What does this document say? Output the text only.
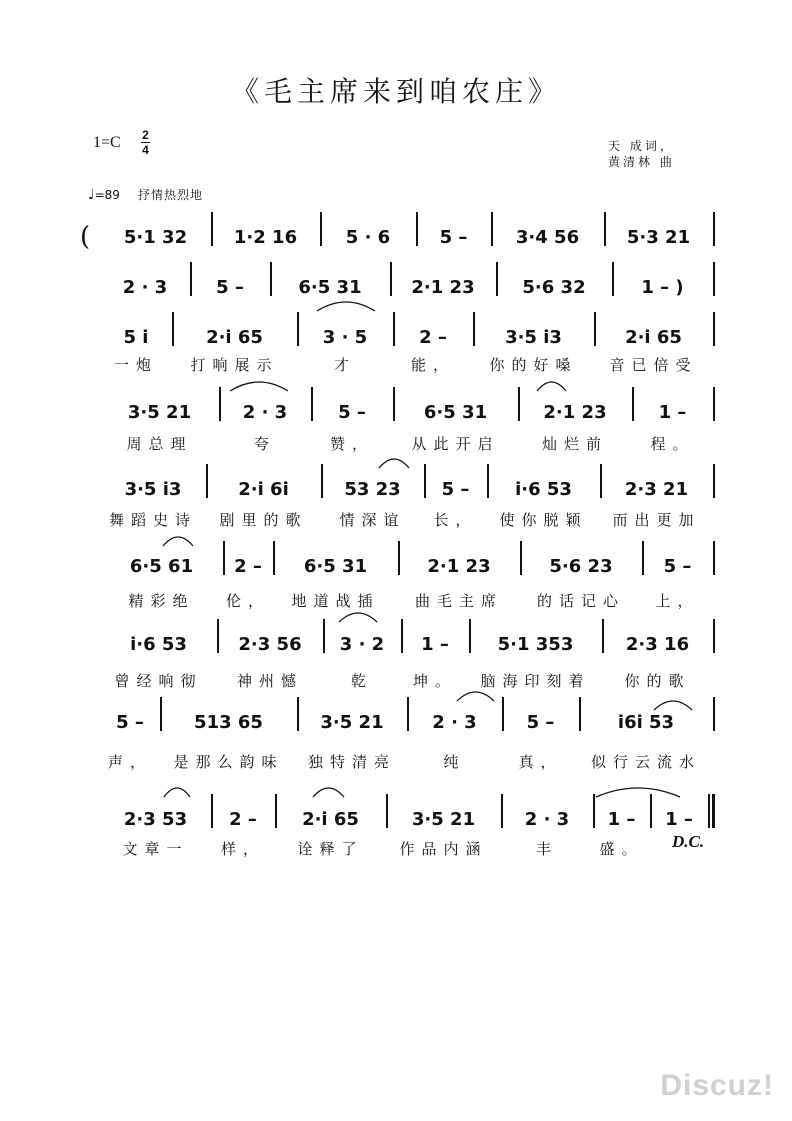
《毛主席来到咱农庄》
1=C 2
4	天 成词，
黄清林 曲
♩=89 抒情热烈地
5·1 32	1·2 16	5 · 6	5 –	3·4 56	5·3 21
(
2 · 3	5 –	6·5 31	2·1 23	5·6 32	1 – )
5 i	2·i 65	3 · 5	2 –	3·5 i3	2·i 65
一炮	打响展示	才	能，	你的好嗓	音已倍受
3·5 21	2 · 3	5 –	6·5 31	2·1 23	1 –
周总理	夸	赞，	从此开启	灿烂前	程。
3·5 i3	2·i 6i	53 23	5 –	i·6 53	2·3 21
舞蹈史诗	剧里的歌	情深谊	长，	使你脱颖	而出更加
6·5 61	2 –	6·5 31	2·1 23	5·6 23	5 –
精彩绝	伦，	地道战插	曲毛主席	的话记心	上，
i·6 53	2·3 56	3 · 2	1 –	5·1 353	2·3 16
曾经响彻	神州憾	乾	坤。	脑海印刻着	你的歌
5 –	513 65	3·5 21	2 · 3	5 –	i6i 53
声，	是那么韵味	独特清亮	纯	真，	似行云流水
2·3 53	2 –	2·i 65	3·5 21	2 · 3	1 –	1 –
文章一	样，	诠释了	作品内涵	丰	盛。	D.C.
Discuz!
